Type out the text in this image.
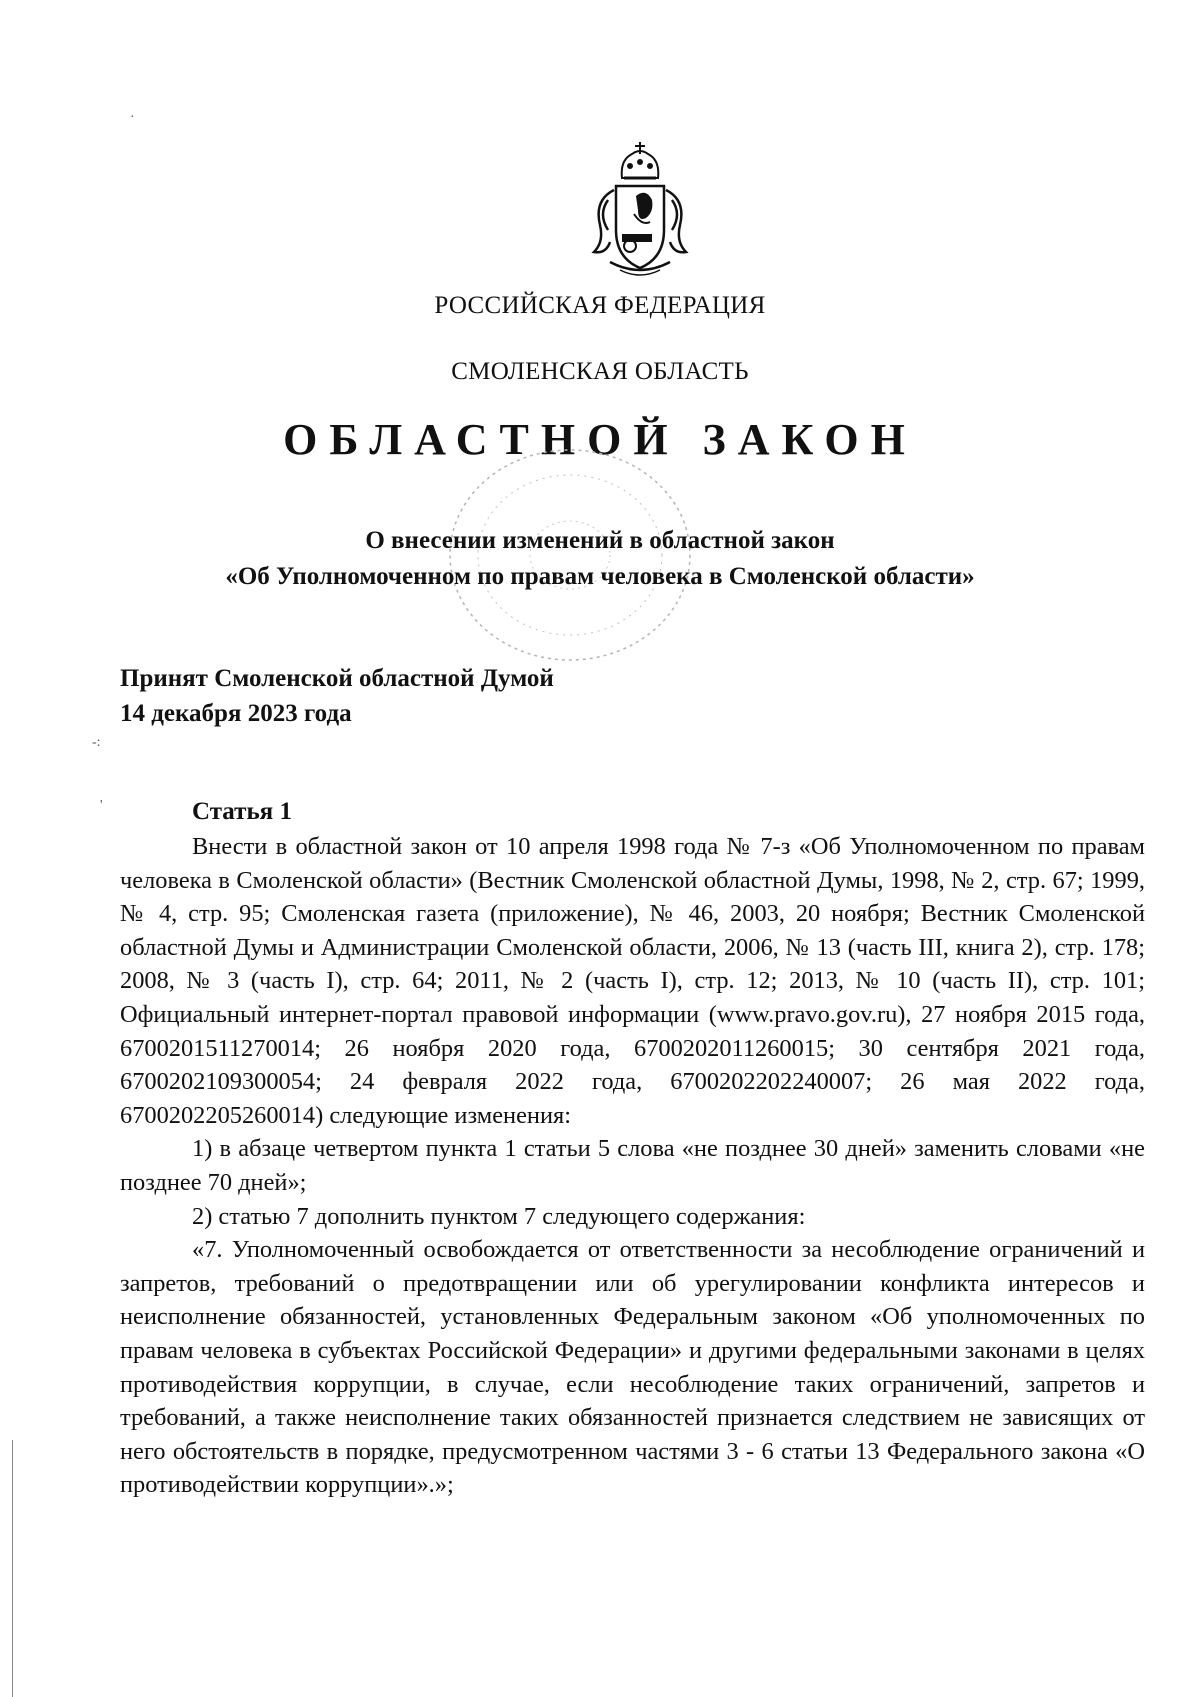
·
-:
'
РОССИЙСКАЯ ФЕДЕРАЦИЯ
СМОЛЕНСКАЯ ОБЛАСТЬ
ОБЛАСТНОЙ ЗАКОН
О внесении изменений в областной закон
«Об Уполномоченном по правам человека в Смоленской области»
Принят Смоленской областной Думой
14 декабря 2023 года
Статья 1

Внести в областной закон от 10 апреля 1998 года № 7-з «Об Уполномоченном по правам человека в Смоленской области» (Вестник Смоленской областной Думы, 1998, № 2, стр. 67; 1999, № 4, стр. 95; Смоленская газета (приложение), № 46, 2003, 20 ноября; Вестник Смоленской областной Думы и Администрации Смоленской области, 2006, № 13 (часть III, книга 2), стр. 178; 2008, № 3 (часть I), стр. 64; 2011, № 2 (часть I), стр. 12; 2013, № 10 (часть II), стр. 101; Официальный интернет-портал правовой информации (www.pravo.gov.ru), 27 ноября 2015 года, 6700201511270014; 26 ноября 2020 года, 6700202011260015; 30 сентября 2021 года, 6700202109300054; 24 февраля 2022 года, 6700202202240007; 26 мая 2022 года, 6700202205260014) следующие изменения:

1) в абзаце четвертом пункта 1 статьи 5 слова «не позднее 30 дней» заменить словами «не позднее 70 дней»;

2) статью 7 дополнить пунктом 7 следующего содержания:

«7. Уполномоченный освобождается от ответственности за несоблюдение ограничений и запретов, требований о предотвращении или об урегулировании конфликта интересов и неисполнение обязанностей, установленных Федеральным законом «Об уполномоченных по правам человека в субъектах Российской Федерации» и другими федеральными законами в целях противодействия коррупции, в случае, если несоблюдение таких ограничений, запретов и требований, а также неисполнение таких обязанностей признается следствием не зависящих от него обстоятельств в порядке, предусмотренном частями 3 - 6 статьи 13 Федерального закона «О противодействии коррупции».»;
